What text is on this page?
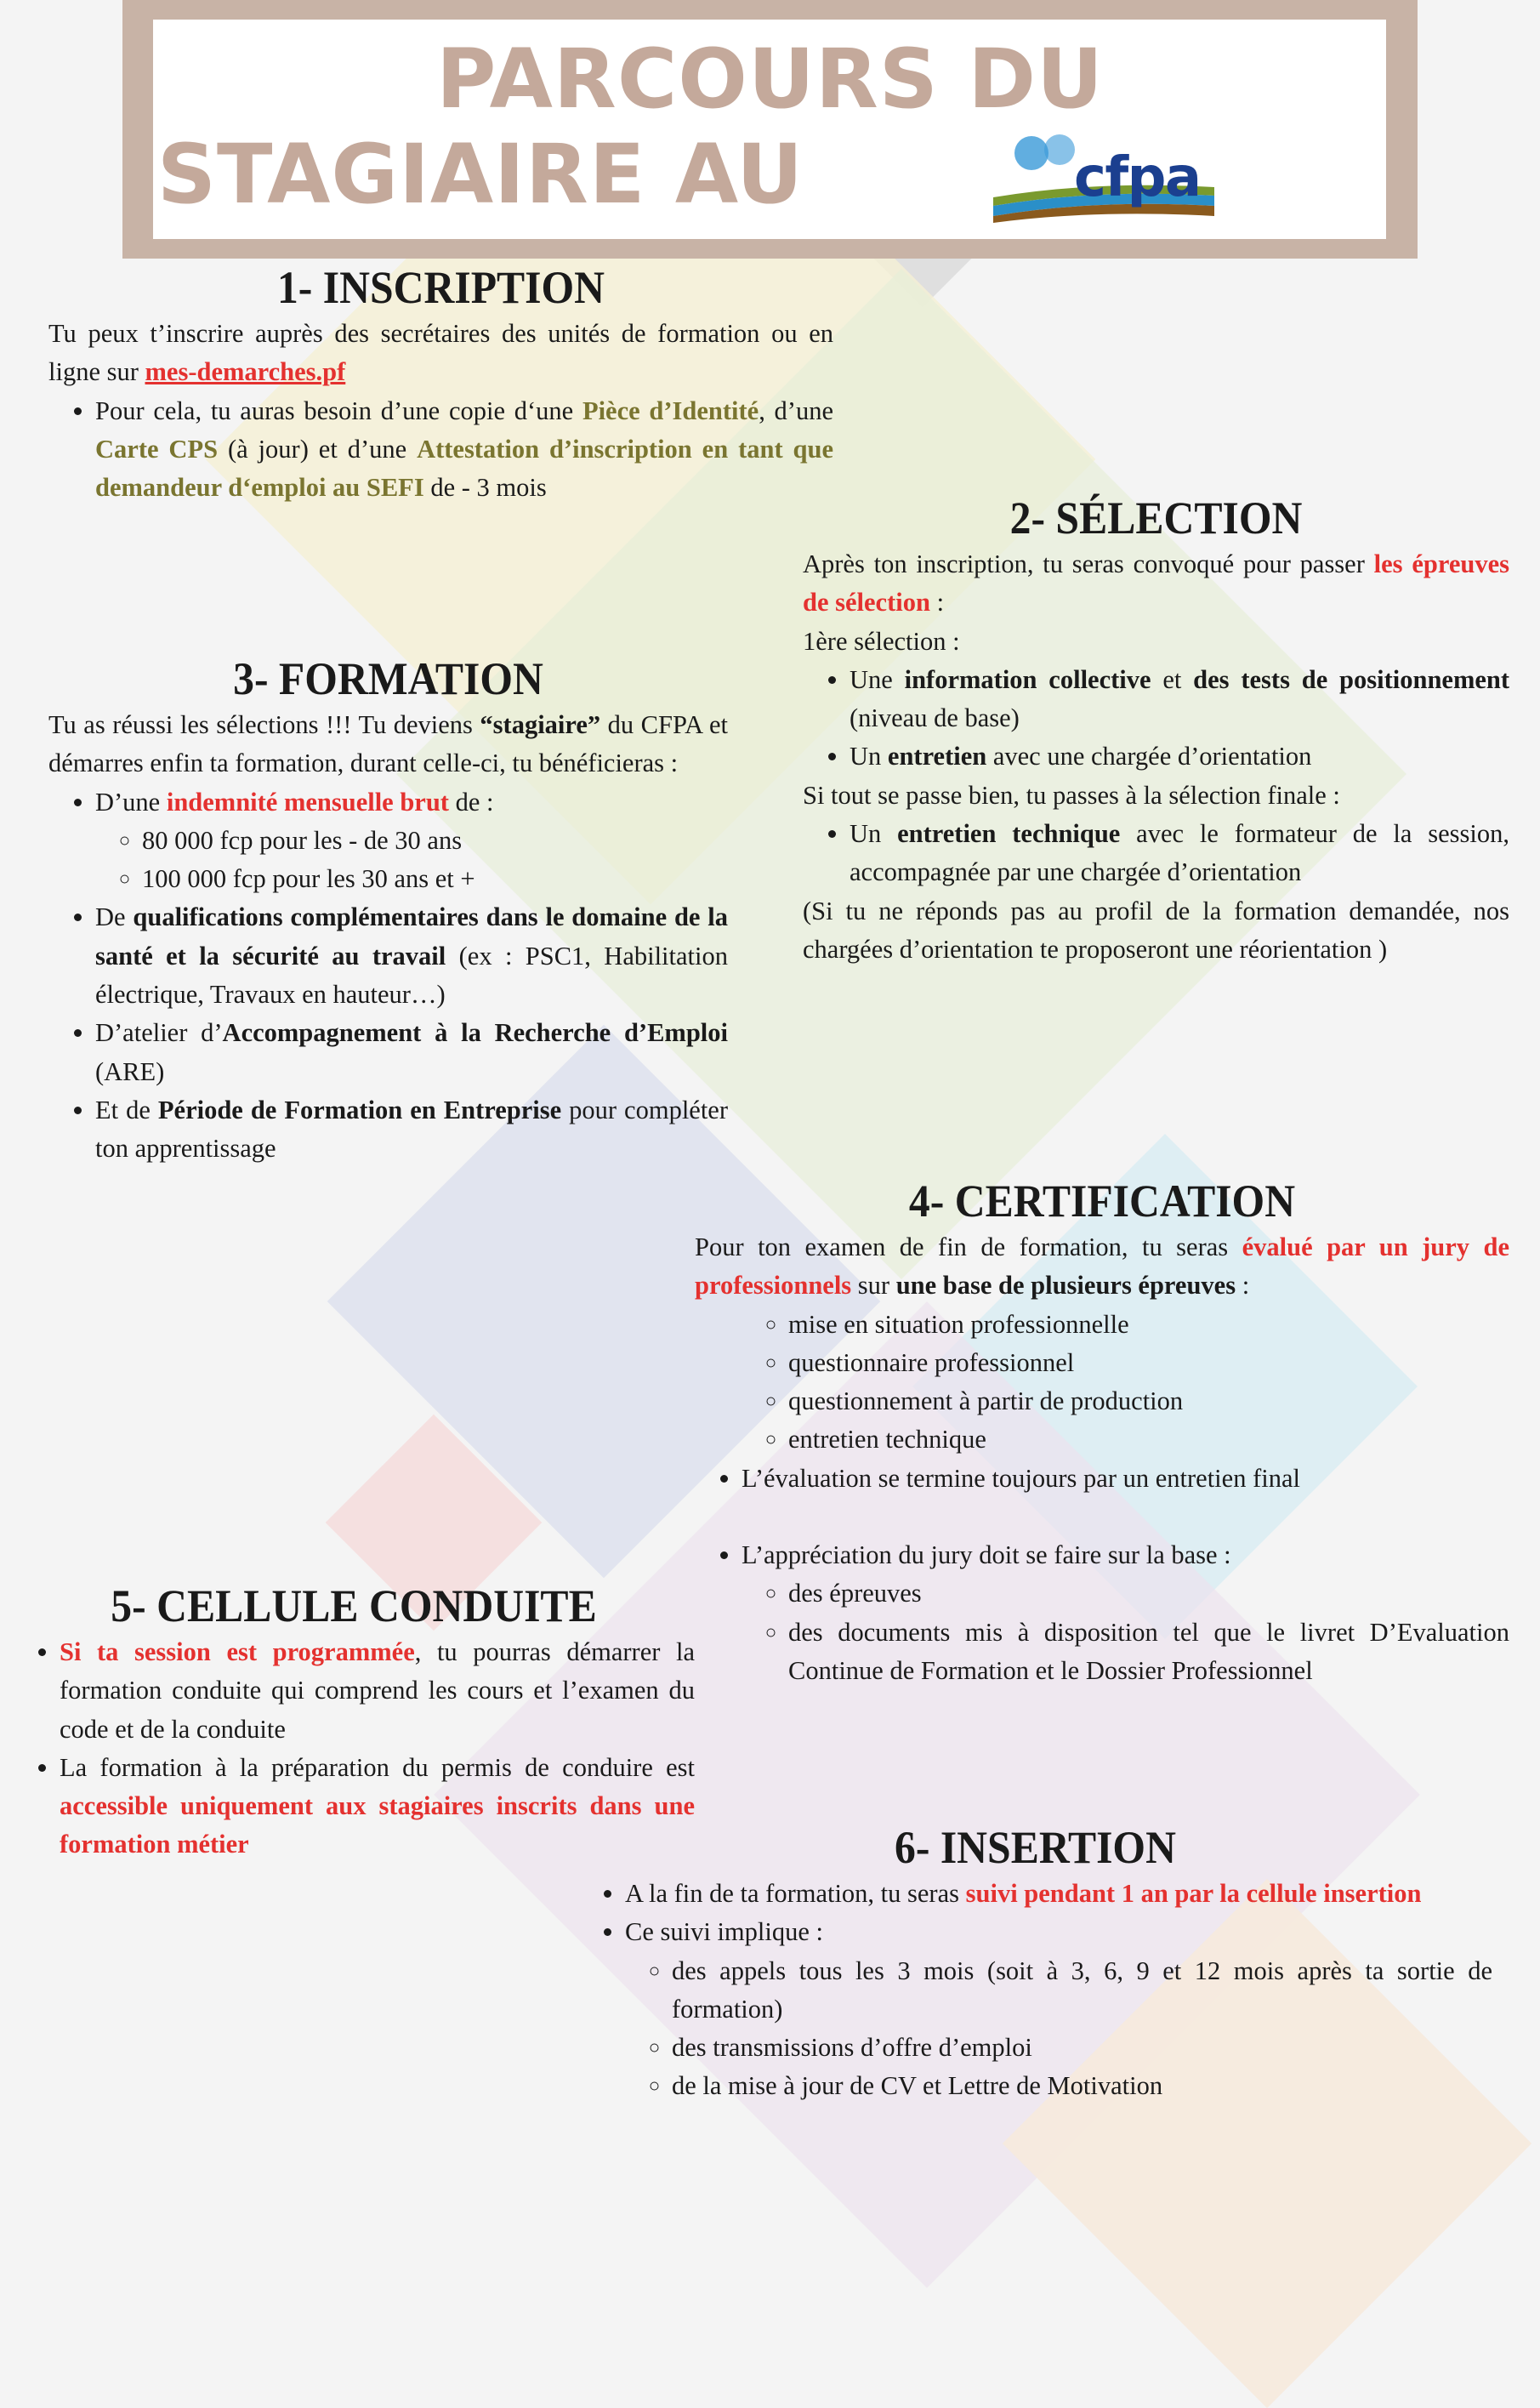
PARCOURS DU
STAGIAIRE AU	cfpa
1- INSCRIPTION

Tu peux t’inscrire auprès des secrétaires des unités de formation ou en ligne sur mes-demarches.pf

• Pour cela, tu auras besoin d’une copie d‘une Pièce d’Identité, d’une Carte CPS (à jour) et d’une Attestation d’inscription en tant que demandeur d‘emploi au SEFI de - 3 mois
2- SÉLECTION

Après ton inscription, tu seras convoqué pour passer les épreuves de sélection :

1ère sélection :

• Une information collective et des tests de positionnement (niveau de base)
• Un entretien avec une chargée d’orientation

Si tout se passe bien, tu passes à la sélection finale :

• Un entretien technique avec le formateur de la session, accompagnée par une chargée d’orientation

(Si tu ne réponds pas au profil de la formation demandée, nos chargées d’orientation te proposeront une réorientation )

3- FORMATION

Tu as réussi les sélections !!! Tu deviens “stagiaire” du CFPA et démarres enfin ta formation, durant celle-ci, tu bénéficieras :

• D’une indemnité mensuelle brut de :
◦ 80 000 fcp pour les - de 30 ans
◦ 100 000 fcp pour les 30 ans et +
• De qualifications complémentaires dans le domaine de la santé et la sécurité au travail (ex : PSC1, Habilitation électrique, Travaux en hauteur…)
• D’atelier d’Accompagnement à la Recherche d’Emploi (ARE)
• Et de Période de Formation en Entreprise pour compléter ton apprentissage
4- CERTIFICATION

Pour ton examen de fin de formation, tu seras évalué par un jury de professionnels sur une base de plusieurs épreuves :

◦ mise en situation professionnelle
◦ questionnaire professionnel
◦ questionnement à partir de production
◦ entretien technique
• L’évaluation se termine toujours par un entretien final
• L’appréciation du jury doit se faire sur la base :
◦ des épreuves
◦ des documents mis à disposition tel que le livret D’Evaluation Continue de Formation et le Dossier Professionnel
5- CELLULE CONDUITE
• Si ta session est programmée, tu pourras démarrer la formation conduite qui comprend les cours et l’examen du code et de la conduite
• La formation à la préparation du permis de conduire est accessible uniquement aux stagiaires inscrits dans une formation métier	6- INSERTION
• A la fin de ta formation, tu seras suivi pendant 1 an par la cellule insertion
• Ce suivi implique :
◦ des appels tous les 3 mois (soit à 3, 6, 9 et 12 mois après ta sortie de formation)
◦ des transmissions d’offre d’emploi
◦ de la mise à jour de CV et Lettre de Motivation
